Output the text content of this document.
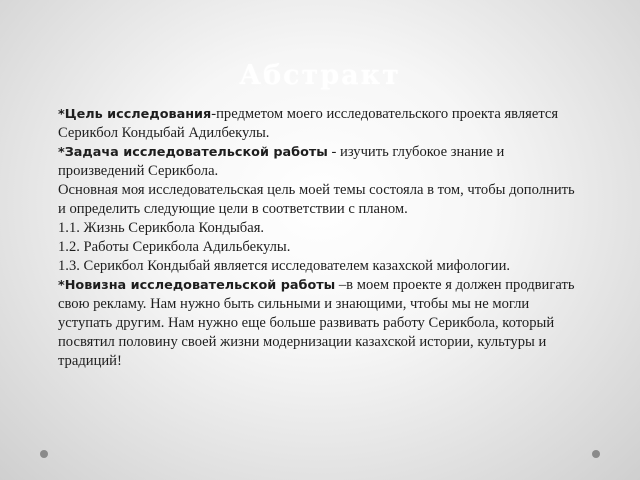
Абстракт

*Цель исследования-предметом моего исследовательского проекта является Серикбол Кондыбай Адилбекулы.

*Задача исследовательской работы - изучить глубокое знание и произведений Серикбола.

Основная моя исследовательская цель моей темы состояла в том, чтобы дополнить и определить следующие цели в соответствии с планом.

1.1. Жизнь Серикбола Кондыбая.

1.2. Работы Серикбола Адильбекулы.

1.3. Серикбол Кондыбай является исследователем казахской мифологии.

*Новизна исследовательской работы –в моем проекте я должен продвигать свою рекламу. Нам нужно быть сильными и знающими, чтобы мы не могли уступать другим. Нам нужно еще больше развивать работу Серикбола, который посвятил половину своей жизни модернизации казахской истории, культуры и традиций!
